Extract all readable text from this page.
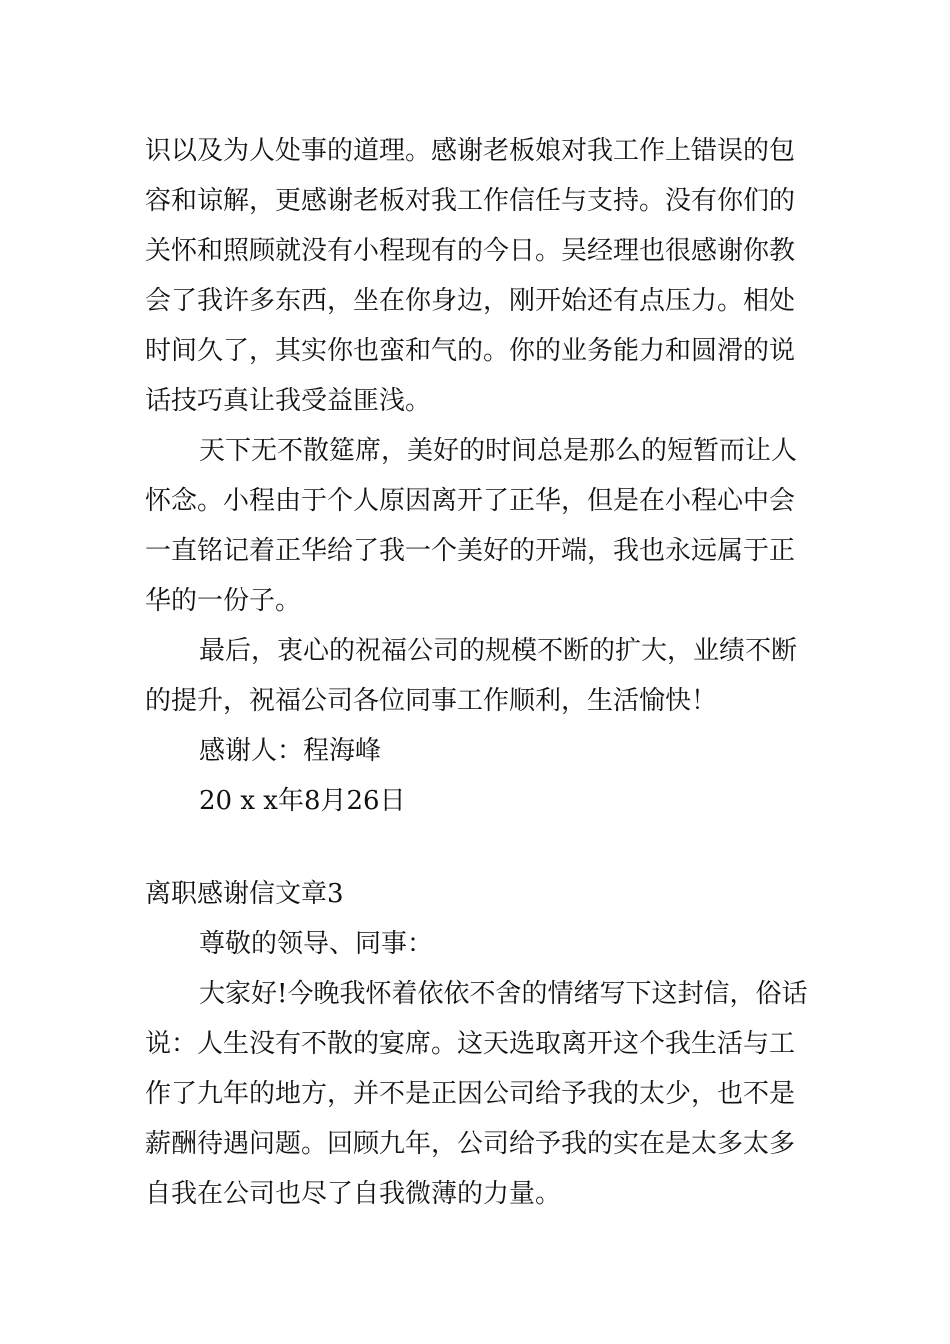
识以及为人处事的道理。感谢老板娘对我工作上错误的包
容和谅解，更感谢老板对我工作信任与支持。没有你们的
关怀和照顾就没有小程现有的今日。吴经理也很感谢你教
会了我许多东西，坐在你身边，刚开始还有点压力。相处
时间久了，其实你也蛮和气的。你的业务能力和圆滑的说
话技巧真让我受益匪浅。
天下无不散筵席，美好的时间总是那么的短暂而让人
怀念。小程由于个人原因离开了正华，但是在小程心中会
一直铭记着正华给了我一个美好的开端，我也永远属于正
华的一份子。
最后，衷心的祝福公司的规模不断的扩大，业绩不断
的提升，祝福公司各位同事工作顺利，生活愉快！
感谢人：程海峰
20 x x年8月26日
离职感谢信文章3
尊敬的领导、同事：
大家好!今晚我怀着依依不舍的情绪写下这封信，俗话
说：人生没有不散的宴席。这天选取离开这个我生活与工
作了九年的地方，并不是正因公司给予我的太少，也不是
薪酬待遇问题。回顾九年，公司给予我的实在是太多太多
自我在公司也尽了自我微薄的力量。
